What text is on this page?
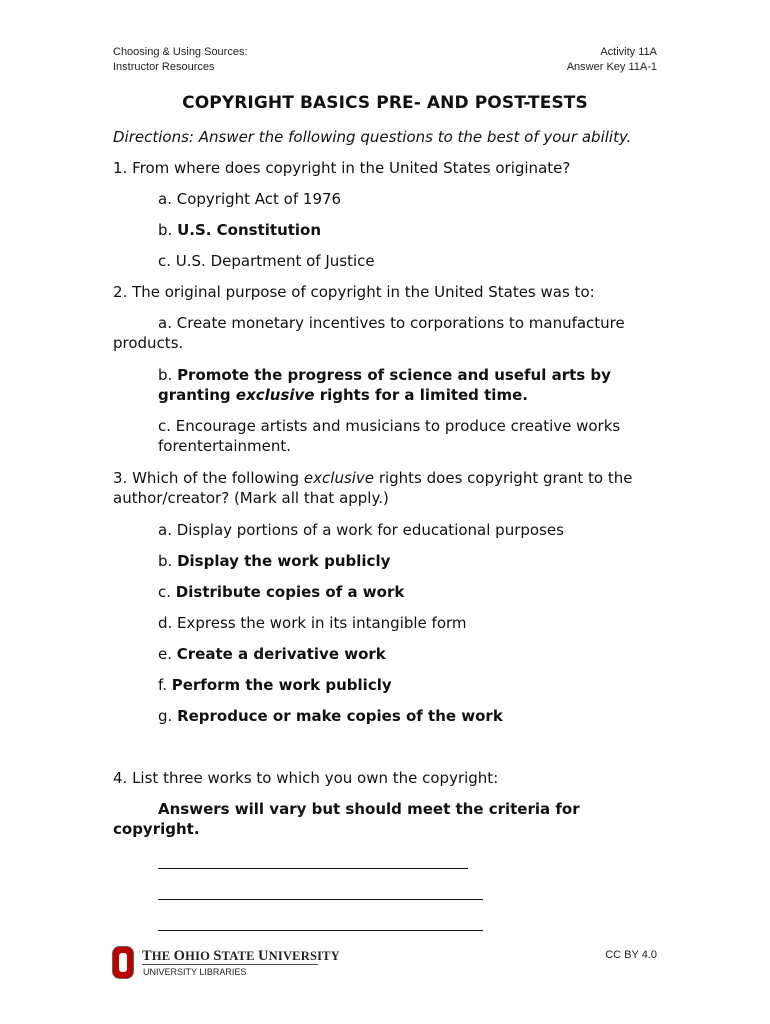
Choosing & Using Sources:
Instructor Resources
Activity 11A
Answer Key 11A-1
COPYRIGHT BASICS PRE- AND POST-TESTS
Directions: Answer the following questions to the best of your ability.
1. From where does copyright in the United States originate?
a. Copyright Act of 1976
b. U.S. Constitution
c. U.S. Department of Justice
2. The original purpose of copyright in the United States was to:
a. Create monetary incentives to corporations to manufacture products.
b. Promote the progress of science and useful arts by granting exclusive rights for a limited time.
c. Encourage artists and musicians to produce creative works forentertainment.
3. Which of the following exclusive rights does copyright grant to the author/creator? (Mark all that apply.)
a. Display portions of a work for educational purposes
b. Display the work publicly
c. Distribute copies of a work
d. Express the work in its intangible form
e. Create a derivative work
f. Perform the work publicly
g. Reproduce or make copies of the work
4. List three works to which you own the copyright:
Answers will vary but should meet the criteria for copyright.
THE OHIO STATE UNIVERSITY
UNIVERSITY LIBRARIES
CC BY 4.0
